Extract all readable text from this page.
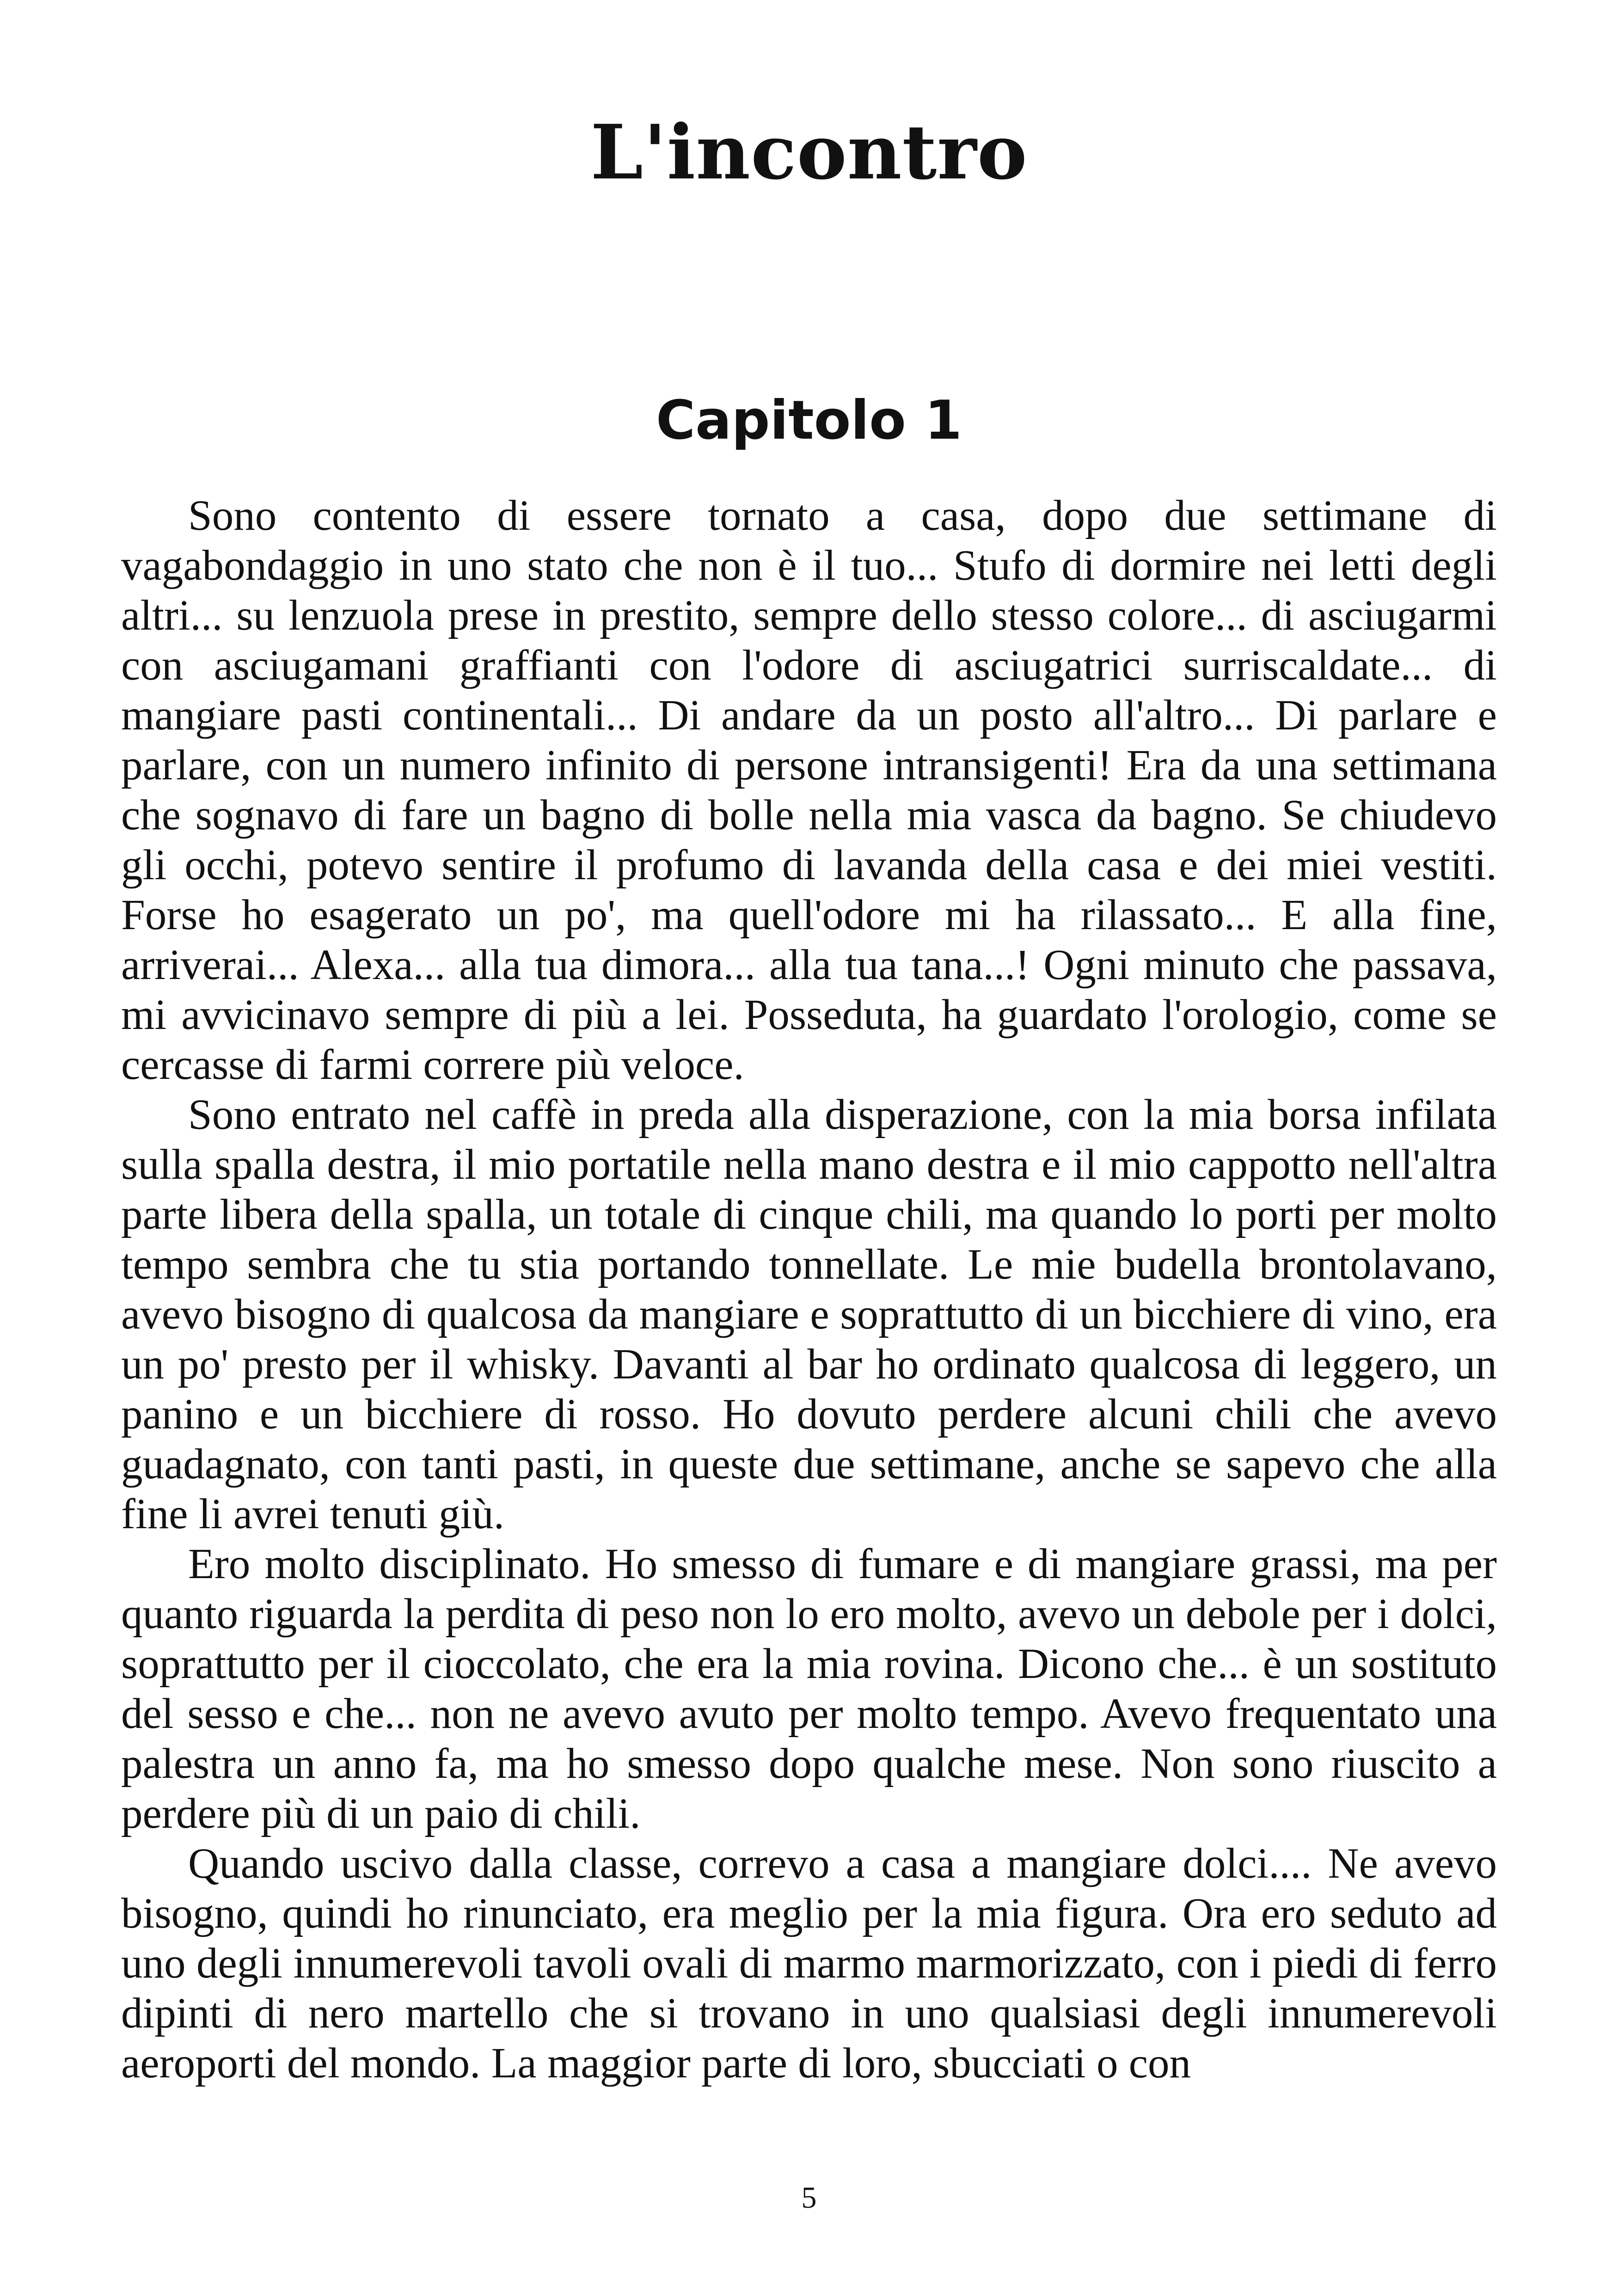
L'incontro
Capitolo 1

Sono contento di essere tornato a casa, dopo due settimane di vagabondaggio in uno stato che non è il tuo... Stufo di dormire nei letti degli altri... su lenzuola prese in prestito, sempre dello stesso colore... di asciugarmi con asciugamani graffianti con l'odore di asciugatrici surriscaldate... di mangiare pasti continentali... Di andare da un posto all'altro... Di parlare e parlare, con un numero infinito di persone intransigenti! Era da una settimana che sognavo di fare un bagno di bolle nella mia vasca da bagno. Se chiudevo gli occhi, potevo sentire il profumo di lavanda della casa e dei miei vestiti. Forse ho esagerato un po', ma quell'odore mi ha rilassato... E alla fine, arriverai... Alexa... alla tua dimora... alla tua tana...! Ogni minuto che passava, mi avvicinavo sempre di più a lei. Posseduta, ha guardato l'orologio, come se cercasse di farmi correre più veloce.

Sono entrato nel caffè in preda alla disperazione, con la mia borsa infilata sulla spalla destra, il mio portatile nella mano destra e il mio cappotto nell'altra parte libera della spalla, un totale di cinque chili, ma quando lo porti per molto tempo sembra che tu stia portando tonnellate. Le mie budella brontolavano, avevo bisogno di qualcosa da mangiare e soprattutto di un bicchiere di vino, era un po' presto per il whisky. Davanti al bar ho ordinato qualcosa di leggero, un panino e un bicchiere di rosso. Ho dovuto perdere alcuni chili che avevo guadagnato, con tanti pasti, in queste due settimane, anche se sapevo che alla fine li avrei tenuti giù.

Ero molto disciplinato. Ho smesso di fumare e di mangiare grassi, ma per quanto riguarda la perdita di peso non lo ero molto, avevo un debole per i dolci, soprattutto per il cioccolato, che era la mia rovina. Dicono che... è un sostituto del sesso e che... non ne avevo avuto per molto tempo. Avevo frequentato una palestra un anno fa, ma ho smesso dopo qualche mese. Non sono riuscito a perdere più di un paio di chili.

Quando uscivo dalla classe, correvo a casa a mangiare dolci.... Ne avevo bisogno, quindi ho rinunciato, era meglio per la mia figura. Ora ero seduto ad uno degli innumerevoli tavoli ovali di marmo marmorizzato, con i piedi di ferro dipinti di nero martello che si trovano in uno qualsiasi degli innumerevoli aeroporti del mondo. La maggior parte di loro, sbucciati o con

5
